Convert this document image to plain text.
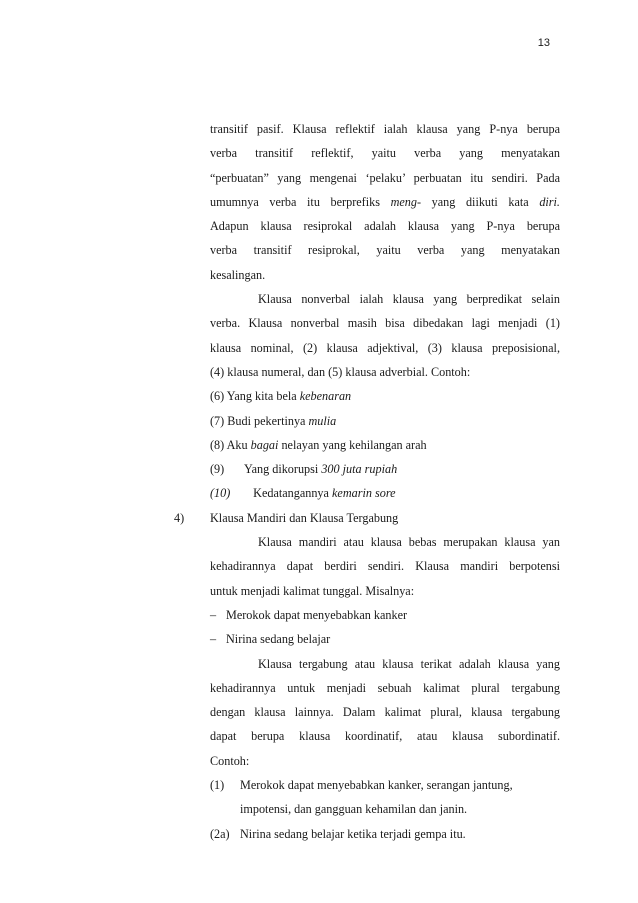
13
transitif pasif. Klausa reflektif ialah klausa yang P-nya berupa
verba transitif reflektif, yaitu verba yang menyatakan
“perbuatan” yang mengenai ‘pelaku’ perbuatan itu sendiri. Pada
umumnya verba itu berprefiks meng- yang diikuti kata diri.
Adapun klausa resiprokal adalah klausa yang P-nya berupa
verba transitif resiprokal, yaitu verba yang menyatakan
kesalingan.
Klausa nonverbal ialah klausa yang berpredikat selain
verba. Klausa nonverbal masih bisa dibedakan lagi menjadi (1)
klausa nominal, (2) klausa adjektival, (3) klausa preposisional,
(4) klausa numeral, dan (5) klausa adverbial. Contoh:
(6) Yang kita bela kebenaran
(7) Budi pekertinya mulia
(8) Aku bagai nelayan yang kehilangan arah
(9) Yang dikorupsi 300 juta rupiah
(10) Kedatangannya kemarin sore
4) Klausa Mandiri dan Klausa Tergabung
Klausa mandiri atau klausa bebas merupakan klausa yan
kehadirannya dapat berdiri sendiri. Klausa mandiri berpotensi
untuk menjadi kalimat tunggal. Misalnya:
– Merokok dapat menyebabkan kanker
– Nirina sedang belajar
Klausa tergabung atau klausa terikat adalah klausa yang
kehadirannya untuk menjadi sebuah kalimat plural tergabung
dengan klausa lainnya. Dalam kalimat plural, klausa tergabung
dapat berupa klausa koordinatif, atau klausa subordinatif.
Contoh:
(1) Merokok dapat menyebabkan kanker, serangan jantung,
impotensi, dan gangguan kehamilan dan janin.
(2a) Nirina sedang belajar ketika terjadi gempa itu.
